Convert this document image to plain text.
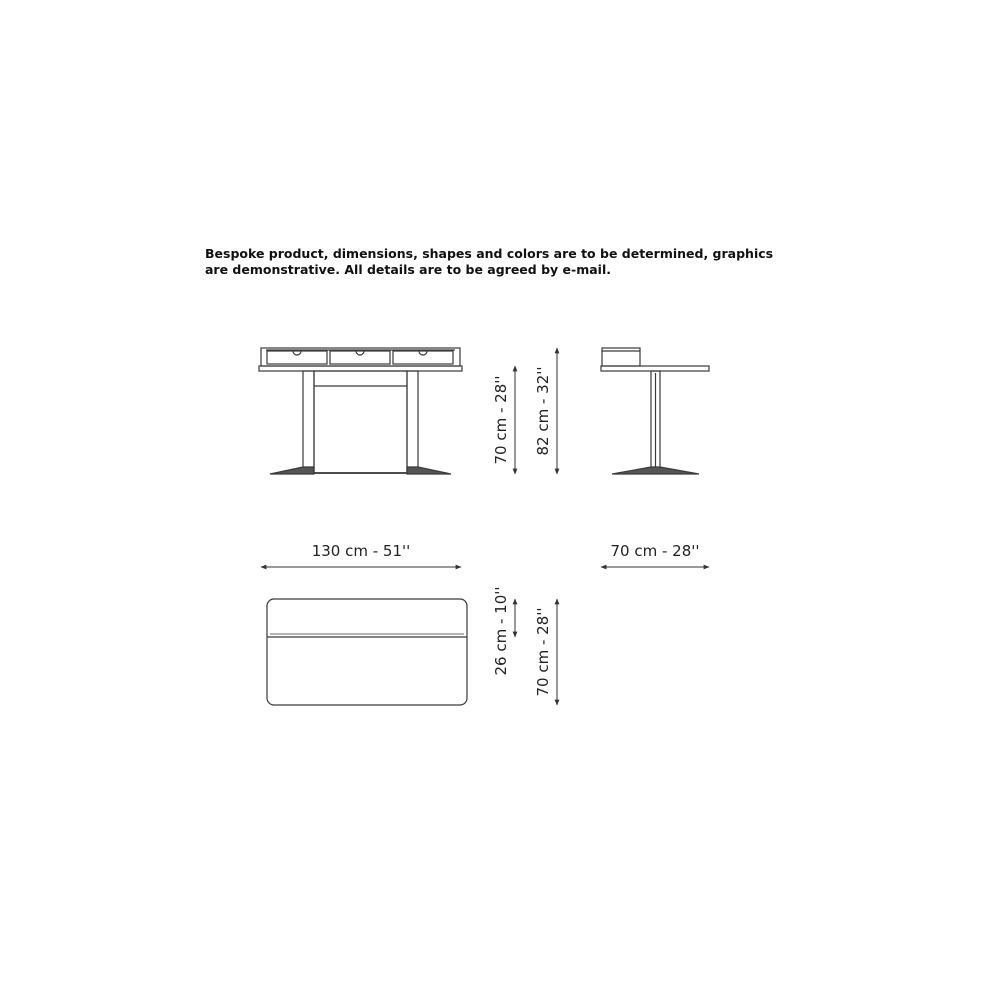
Bespoke product, dimensions, shapes and colors are to be determined, graphics
are demonstrative. All details are to be agreed by e-mail.
70 cm - 28'' 82 cm - 32''
130 cm - 51''	70 cm - 28''
26 cm - 10'' 70 cm - 28''
